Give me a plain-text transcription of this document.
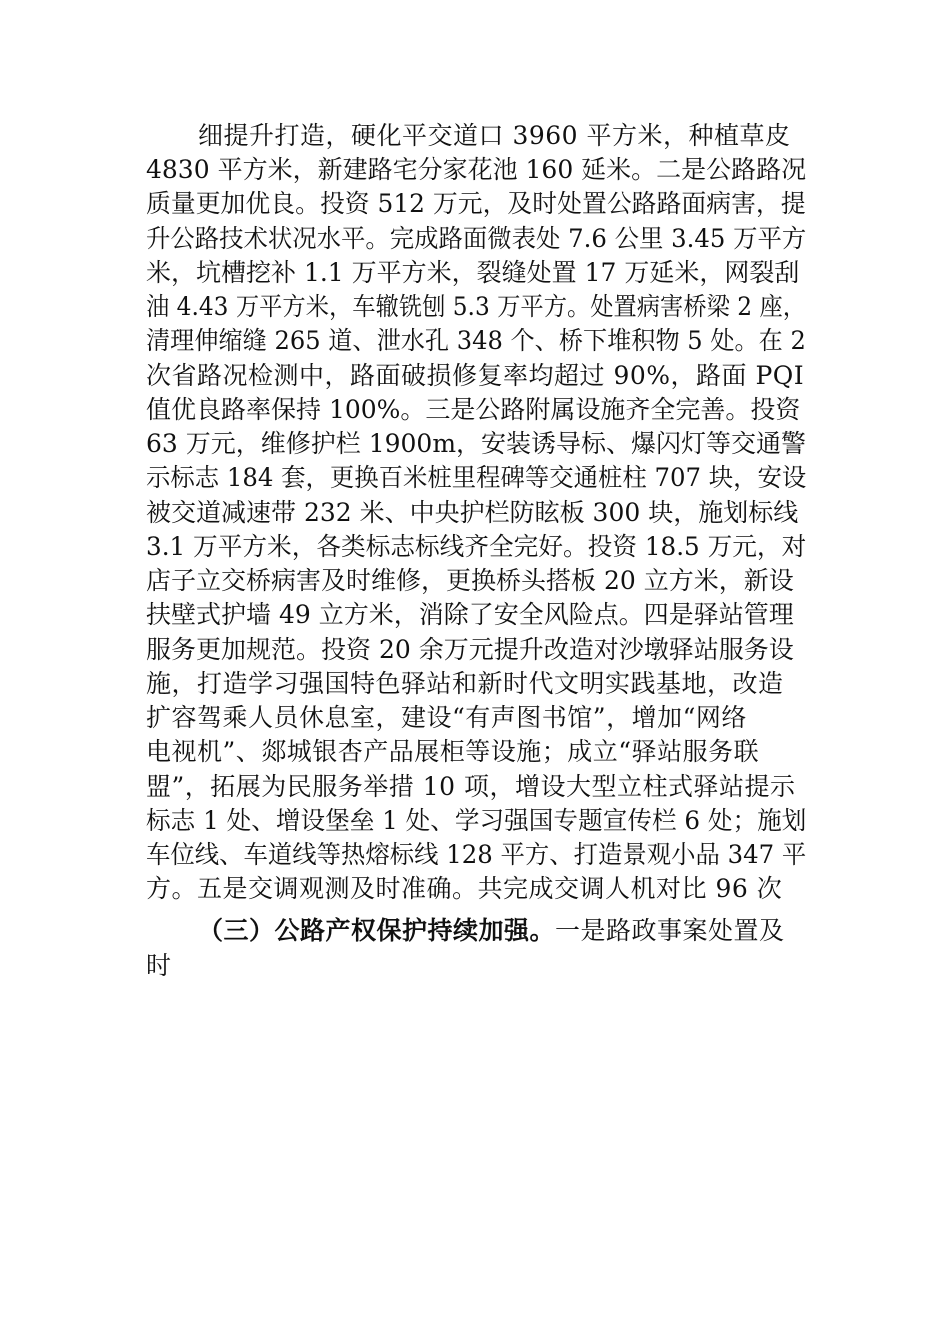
细提升打造，硬化平交道口 3960 平方米，种植草皮
4830 平方米，新建路宅分家花池 160 延米。二是公路路况
质量更加优良。投资 512 万元，及时处置公路路面病害，提
升公路技术状况水平。完成路面微表处 7.6 公里 3.45 万平方
米，坑槽挖补 1.1 万平方米，裂缝处置 17 万延米，网裂刮
油 4.43 万平方米，车辙铣刨 5.3 万平方。处置病害桥梁 2 座，
清理伸缩缝 265 道、泄水孔 348 个、桥下堆积物 5 处。在 2
次省路况检测中，路面破损修复率均超过 90%，路面 PQI
值优良路率保持 100%。三是公路附属设施齐全完善。投资
63 万元，维修护栏 1900m，安装诱导标、爆闪灯等交通警
示标志 184 套，更换百米桩里程碑等交通桩柱 707 块，安设
被交道减速带 232 米、中央护栏防眩板 300 块，施划标线
3.1 万平方米，各类标志标线齐全完好。投资 18.5 万元，对
店子立交桥病害及时维修，更换桥头搭板 20 立方米，新设
扶壁式护墙 49 立方米，消除了安全风险点。四是驿站管理
服务更加规范。投资 20 余万元提升改造对沙墩驿站服务设
施，打造学习强国特色驿站和新时代文明实践基地，改造
扩容驾乘人员休息室，建设“有声图书馆”，增加“网络
电视机”、郯城银杏产品展柜等设施；成立“驿站服务联
盟”，拓展为民服务举措 10 项，增设大型立柱式驿站提示
标志 1 处、增设堡垒 1 处、学习强国专题宣传栏 6 处；施划
车位线、车道线等热熔标线 128 平方、打造景观小品 347 平
方。五是交调观测及时准确。共完成交调人机对比 96 次
（三）公路产权保护持续加强。一是路政事案处置及
时
